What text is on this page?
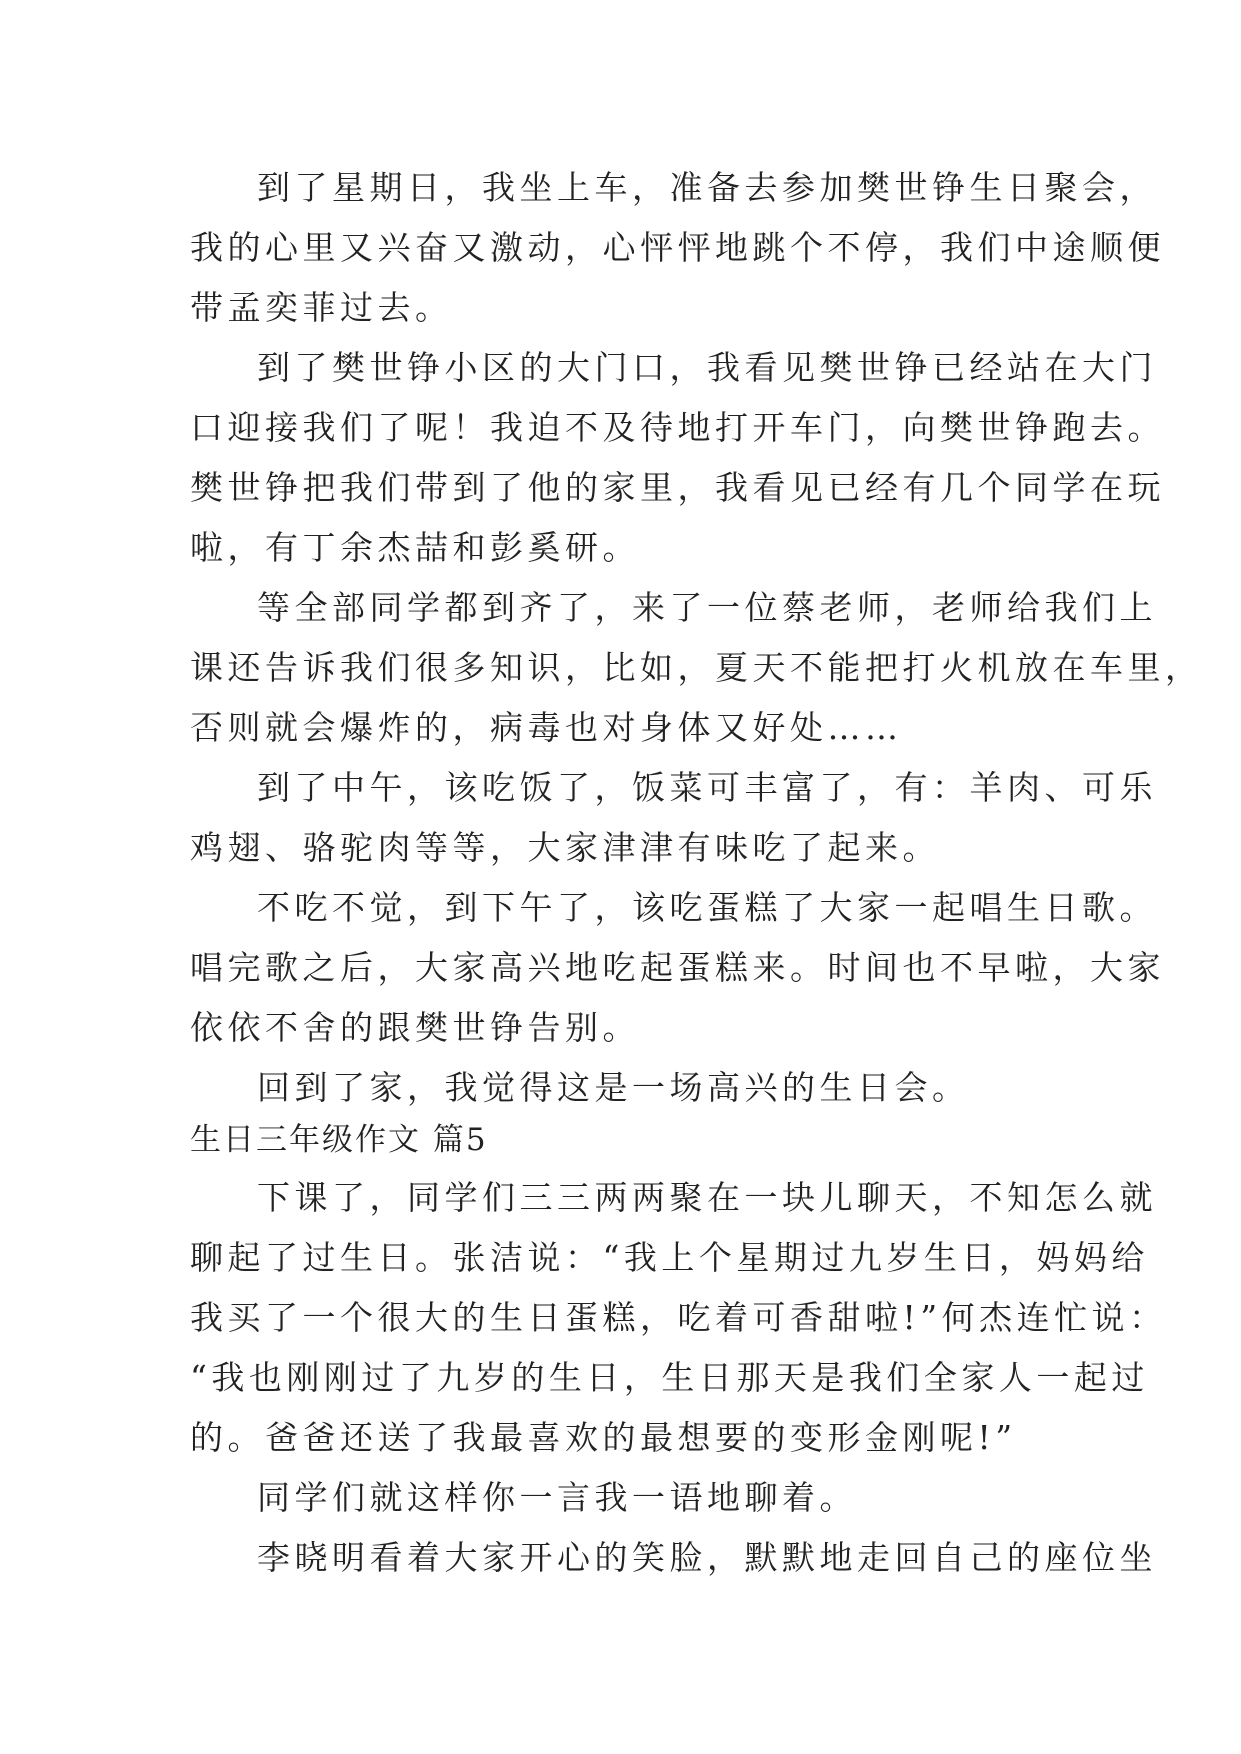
到了星期日，我坐上车，准备去参加樊世铮生日聚会，
我的心里又兴奋又激动，心怦怦地跳个不停，我们中途顺便
带孟奕菲过去。
到了樊世铮小区的大门口，我看见樊世铮已经站在大门
口迎接我们了呢！我迫不及待地打开车门，向樊世铮跑去。
樊世铮把我们带到了他的家里，我看见已经有几个同学在玩
啦，有丁余杰喆和彭奚研。
等全部同学都到齐了，来了一位蔡老师，老师给我们上
课还告诉我们很多知识，比如，夏天不能把打火机放在车里，
否则就会爆炸的，病毒也对身体又好处……
到了中午，该吃饭了，饭菜可丰富了，有：羊肉、可乐
鸡翅、骆驼肉等等，大家津津有味吃了起来。
不吃不觉，到下午了，该吃蛋糕了大家一起唱生日歌。
唱完歌之后，大家高兴地吃起蛋糕来。时间也不早啦，大家
依依不舍的跟樊世铮告别。
回到了家，我觉得这是一场高兴的生日会。
生日三年级作文 篇5
下课了，同学们三三两两聚在一块儿聊天，不知怎么就
聊起了过生日。张洁说：“我上个星期过九岁生日，妈妈给
我买了一个很大的生日蛋糕，吃着可香甜啦!”何杰连忙说：
“我也刚刚过了九岁的生日，生日那天是我们全家人一起过
的。爸爸还送了我最喜欢的最想要的变形金刚呢!”
同学们就这样你一言我一语地聊着。
李晓明看着大家开心的笑脸，默默地走回自己的座位坐
